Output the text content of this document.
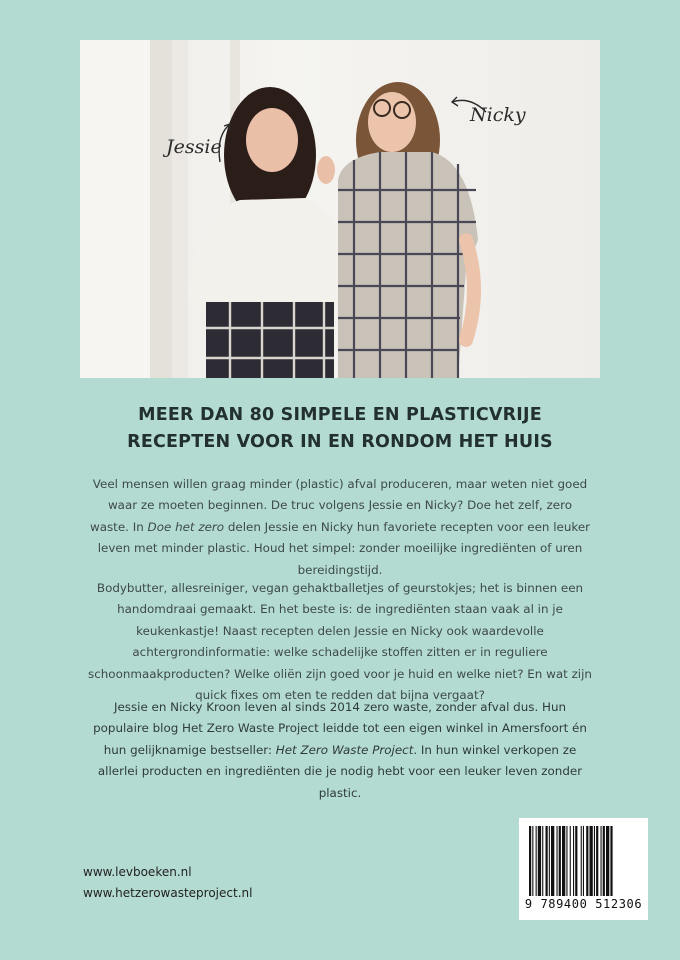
Jessie
Nicky
MEER DAN 80 SIMPELE EN PLASTICVRIJE
RECEPTEN VOOR IN EN RONDOM HET HUIS
Veel mensen willen graag minder (plastic) afval produceren, maar weten niet goed waar ze moeten beginnen. De truc volgens Jessie en Nicky? Doe het zelf, zero waste. In Doe het zero delen Jessie en Nicky hun favoriete recepten voor een leuker leven met minder plastic. Houd het simpel: zonder moeilijke ingrediënten of uren bereidingstijd.
Bodybutter, allesreiniger, vegan gehaktballetjes of geurstokjes; het is binnen een handomdraai gemaakt. En het beste is: de ingrediënten staan vaak al in je keukenkastje! Naast recepten delen Jessie en Nicky ook waardevolle achtergrondinformatie: welke schadelijke stoffen zitten er in reguliere schoonmaakproducten? Welke oliën zijn goed voor je huid en welke niet? En wat zijn quick fixes om eten te redden dat bijna vergaat?
Jessie en Nicky Kroon leven al sinds 2014 zero waste, zonder afval dus. Hun populaire blog Het Zero Waste Project leidde tot een eigen winkel in Amersfoort én hun gelijknamige bestseller: Het Zero Waste Project. In hun winkel verkopen ze allerlei producten en ingrediënten die je nodig hebt voor een leuker leven zonder plastic.
www.levboeken.nl
www.hetzerowasteproject.nl
9 789400 512306
